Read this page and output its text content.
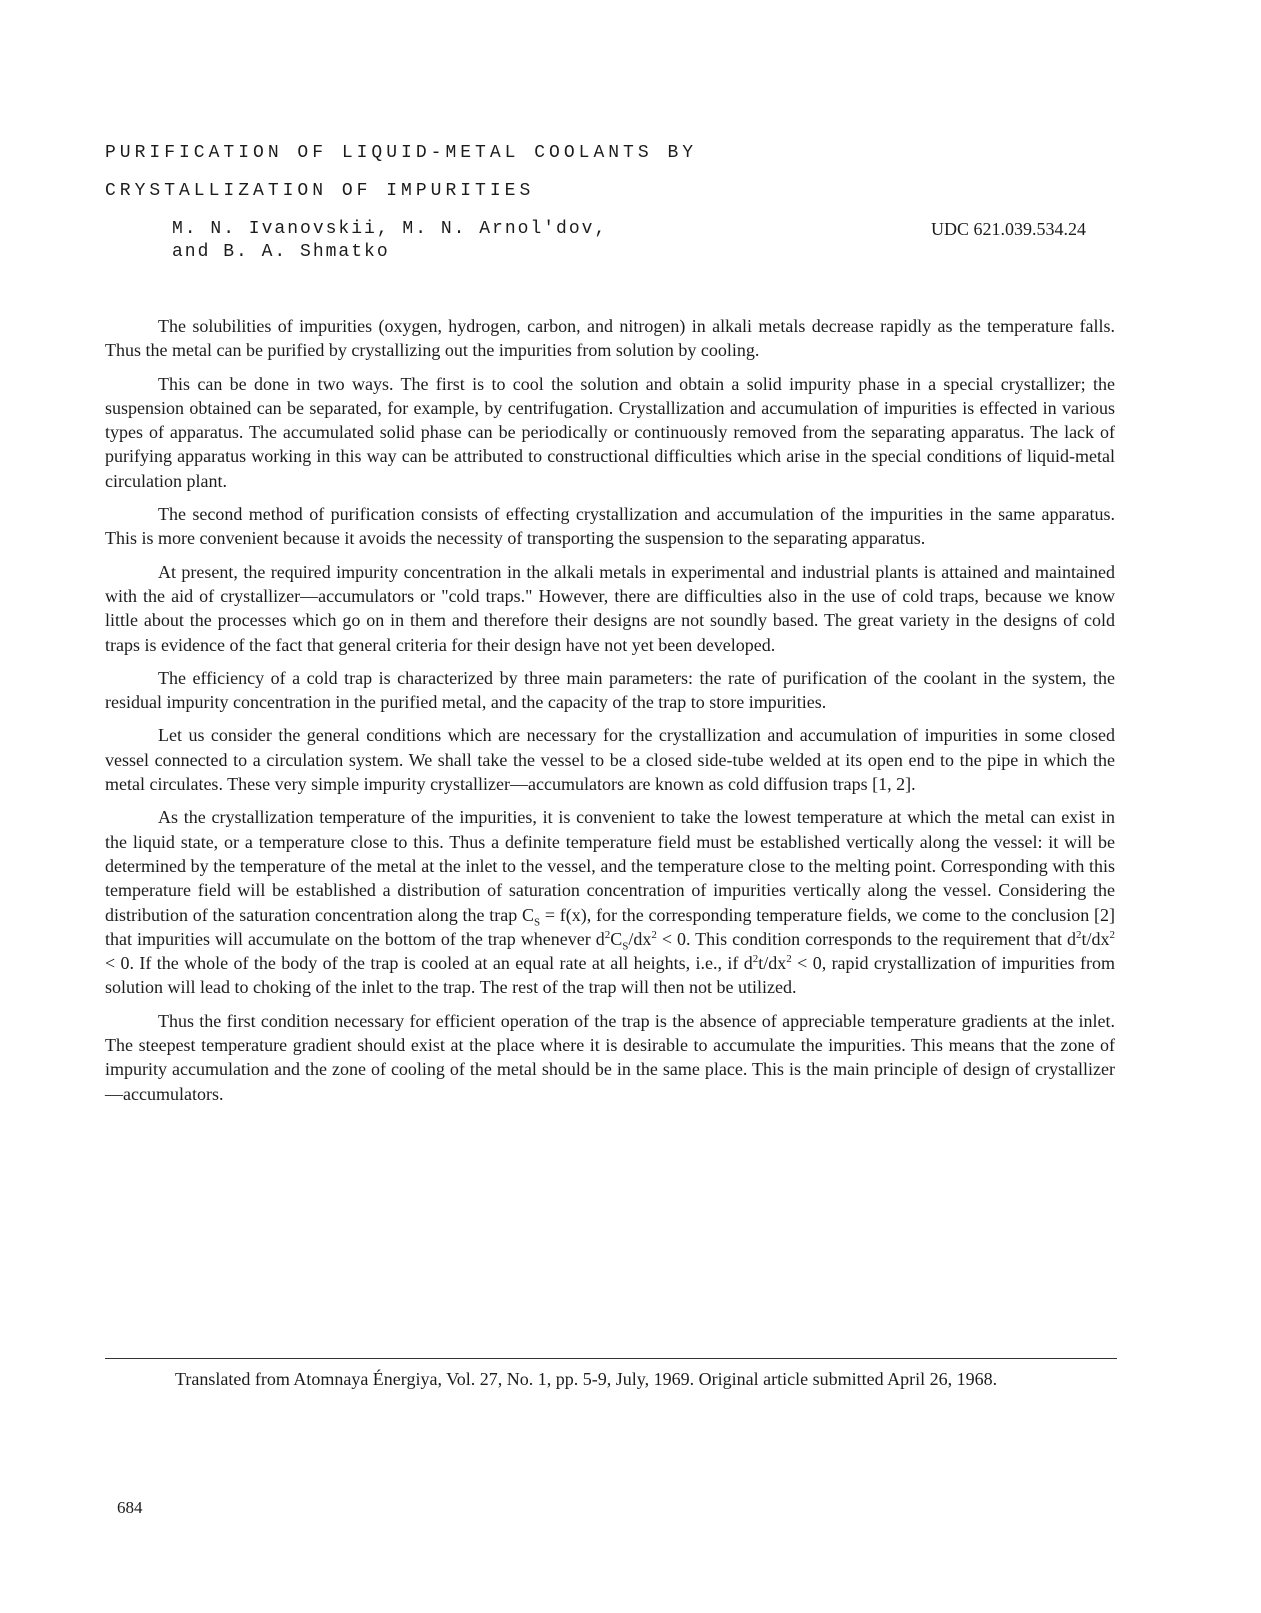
PURIFICATION OF LIQUID-METAL COOLANTS BY
CRYSTALLIZATION OF IMPURITIES
M. N. Ivanovskii, M. N. Arnol'dov,
and B. A. Shmatko
UDC 621.039.534.24

The solubilities of impurities (oxygen, hydrogen, carbon, and nitrogen) in alkali metals decrease rapidly as the temperature falls. Thus the metal can be purified by crystallizing out the impurities from solution by cooling.

This can be done in two ways. The first is to cool the solution and obtain a solid impurity phase in a special crystallizer; the suspension obtained can be separated, for example, by centrifugation. Crystallization and accumulation of impurities is effected in various types of apparatus. The accumulated solid phase can be periodically or continuously removed from the separating apparatus. The lack of purifying apparatus working in this way can be attributed to constructional difficulties which arise in the special conditions of liquid-metal circulation plant.

The second method of purification consists of effecting crystallization and accumulation of the impurities in the same apparatus. This is more convenient because it avoids the necessity of transporting the suspension to the separating apparatus.

At present, the required impurity concentration in the alkali metals in experimental and industrial plants is attained and maintained with the aid of crystallizer—accumulators or "cold traps." However, there are difficulties also in the use of cold traps, because we know little about the processes which go on in them and therefore their designs are not soundly based. The great variety in the designs of cold traps is evidence of the fact that general criteria for their design have not yet been developed.

The efficiency of a cold trap is characterized by three main parameters: the rate of purification of the coolant in the system, the residual impurity concentration in the purified metal, and the capacity of the trap to store impurities.

Let us consider the general conditions which are necessary for the crystallization and accumulation of impurities in some closed vessel connected to a circulation system. We shall take the vessel to be a closed side-tube welded at its open end to the pipe in which the metal circulates. These very simple impurity crystallizer—accumulators are known as cold diffusion traps [1, 2].

As the crystallization temperature of the impurities, it is convenient to take the lowest temperature at which the metal can exist in the liquid state, or a temperature close to this. Thus a definite temperature field must be established vertically along the vessel: it will be determined by the temperature of the metal at the inlet to the vessel, and the temperature close to the melting point. Corresponding with this temperature field will be established a distribution of saturation concentration of impurities vertically along the vessel. Considering the distribution of the saturation concentration along the trap $C_S = f(x)$, for the corresponding temperature fields, we come to the conclusion [2] that impurities will accumulate on the bottom of the trap whenever $d^2C_S/dx^2 < 0$. This condition corresponds to the requirement that $d^2t/dx^2 < 0$. If the whole of the body of the trap is cooled at an equal rate at all heights, i.e., if $d^2t/dx^2 < 0$, rapid crystallization of impurities from solution will lead to choking of the inlet to the trap. The rest of the trap will then not be utilized.

Thus the first condition necessary for efficient operation of the trap is the absence of appreciable temperature gradients at the inlet. The steepest temperature gradient should exist at the place where it is desirable to accumulate the impurities. This means that the zone of impurity accumulation and the zone of cooling of the metal should be in the same place. This is the main principle of design of crystallizer—accumulators.

Translated from Atomnaya Énergiya, Vol. 27, No. 1, pp. 5-9, July, 1969. Original article submitted April 26, 1968.
684
